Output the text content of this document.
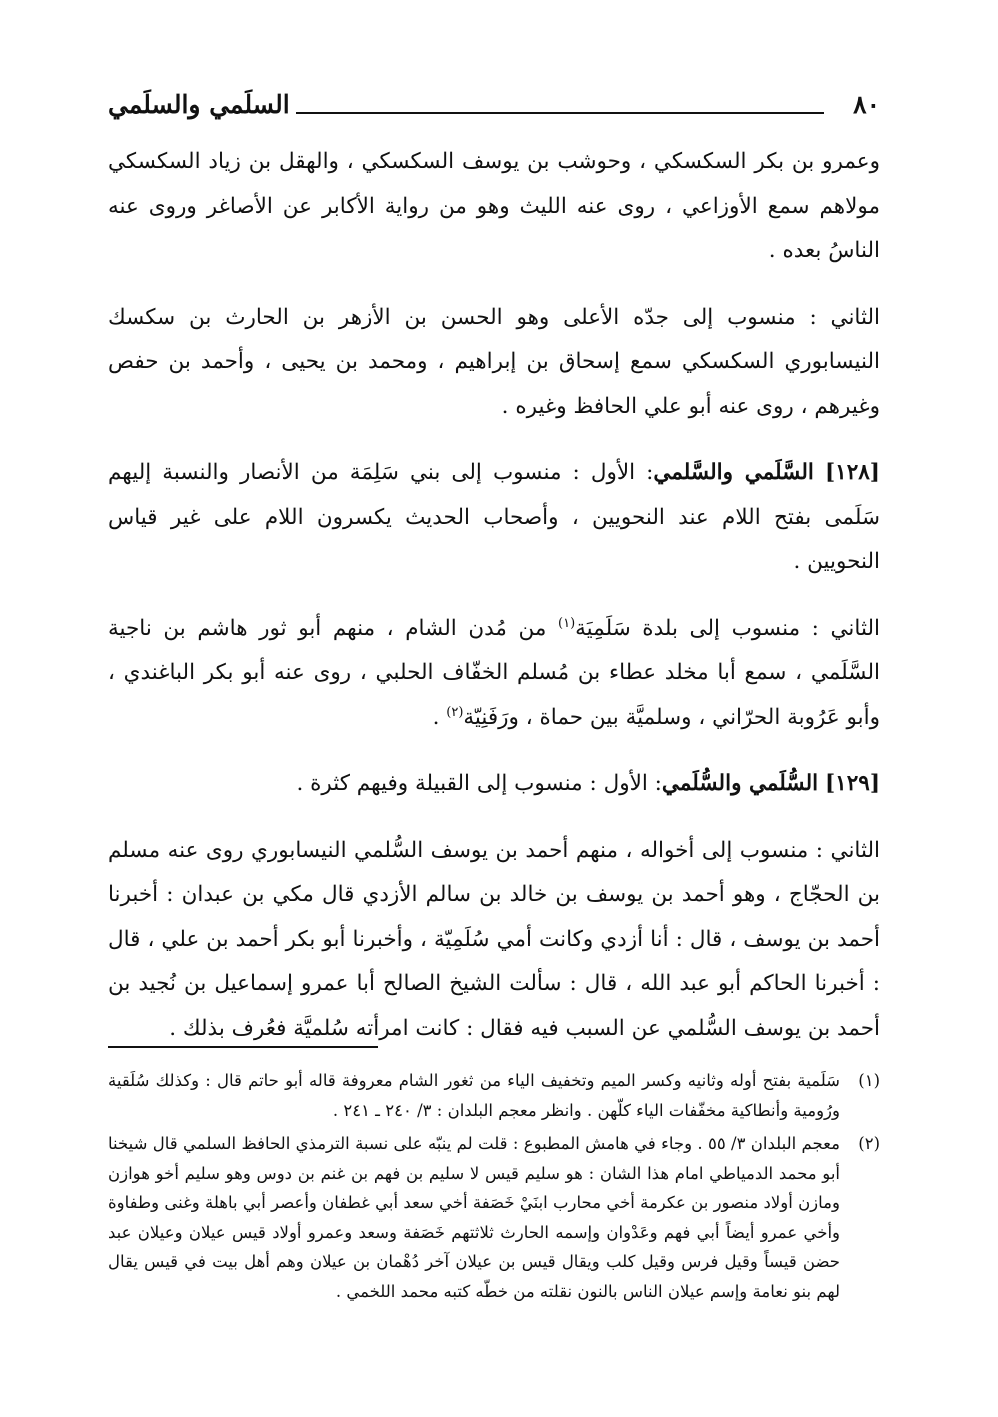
٨٠
السلَمي والسلَمي

وعمرو بن بكر السكسكي ، وحوشب بن يوسف السكسكي ، والهقل بن زياد السكسكي مولاهم سمع الأوزاعي ، روى عنه الليث وهو من رواية الأكابر عن الأصاغر وروى عنه الناسُ بعده .

الثاني : منسوب إلى جدّه الأعلى وهو الحسن بن الأزهر بن الحارث بن سكسك النيسابوري السكسكي سمع إسحاق بن إبراهيم ، ومحمد بن يحيى ، وأحمد بن حفص وغيرهم ، روى عنه أبو علي الحافظ وغيره .

[١٢٨] السَّلَمي والسَّلمي: الأول : منسوب إلى بني سَلِمَة من الأنصار والنسبة إليهم سَلَمى بفتح اللام عند النحويين ، وأصحاب الحديث يكسرون اللام على غير قياس النحويين .

الثاني : منسوب إلى بلدة سَلَمِيَة$^{(١)}$ من مُدن الشام ، منهم أبو ثور هاشم بن ناجية السَّلَمي ، سمع أبا مخلد عطاء بن مُسلم الخفّاف الحلبي ، روى عنه أبو بكر الباغندي ، وأبو عَرُوبة الحرّاني ، وسلميَّة بين حماة ، ورَفَنِيّة$^{(٢)}$ .

[١٢٩] السُّلَمي والسُّلَمي: الأول : منسوب إلى القبيلة وفيهم كثرة .

الثاني : منسوب إلى أخواله ، منهم أحمد بن يوسف السُّلمي النيسابوري روى عنه مسلم بن الحجّاج ، وهو أحمد بن يوسف بن خالد بن سالم الأزدي قال مكي بن عبدان : أخبرنا أحمد بن يوسف ، قال : أنا أزدي وكانت أمي سُلَمِيّة ، وأخبرنا أبو بكر أحمد بن علي ، قال : أخبرنا الحاكم أبو عبد الله ، قال : سألت الشيخ الصالح أبا عمرو إسماعيل بن نُجيد بن أحمد بن يوسف السُّلمي عن السبب فيه فقال : كانت امرأته سُلميَّة فعُرف بذلك .

(١)
سَلَمية بفتح أوله وثانيه وكسر الميم وتخفيف الياء من ثغور الشام معروفة قاله أبو حاتم قال : وكذلك سُلَقية ورُومية وأنطاكية مخفّفات الياء كلّهن . وانظر معجم البلدان : ٣/ ٢٤٠ ـ ٢٤١ .

(٢)
معجم البلدان ٣/ ٥٥ . وجاء في هامش المطبوع : قلت لم ينبّه على نسبة الترمذي الحافظ السلمي قال شيخنا أبو محمد الدمياطي امام هذا الشان : هو سليم قيس لا سليم بن فهم بن غنم بن دوس وهو سليم أخو هوازن ومازن أولاد منصور بن عكرمة أخي محارب ابنَيْ خَصَفة أخي سعد أبي غطفان وأعصر أبي باهلة وغنى وطفاوة وأخي عمرو أيضاً أبي فهم وعَدْوان وإسمه الحارث ثلاثتهم خَصَفة وسعد وعمرو أولاد قيس عيلان وعيلان عبد حضن قيساً وقيل فرس وقيل كلب ويقال قيس بن عيلان آخر دُهْمان بن عيلان وهم أهل بيت في قيس يقال لهم بنو نعامة وإسم عيلان الناس بالنون نقلته من خطّه كتبه محمد اللخمي .
